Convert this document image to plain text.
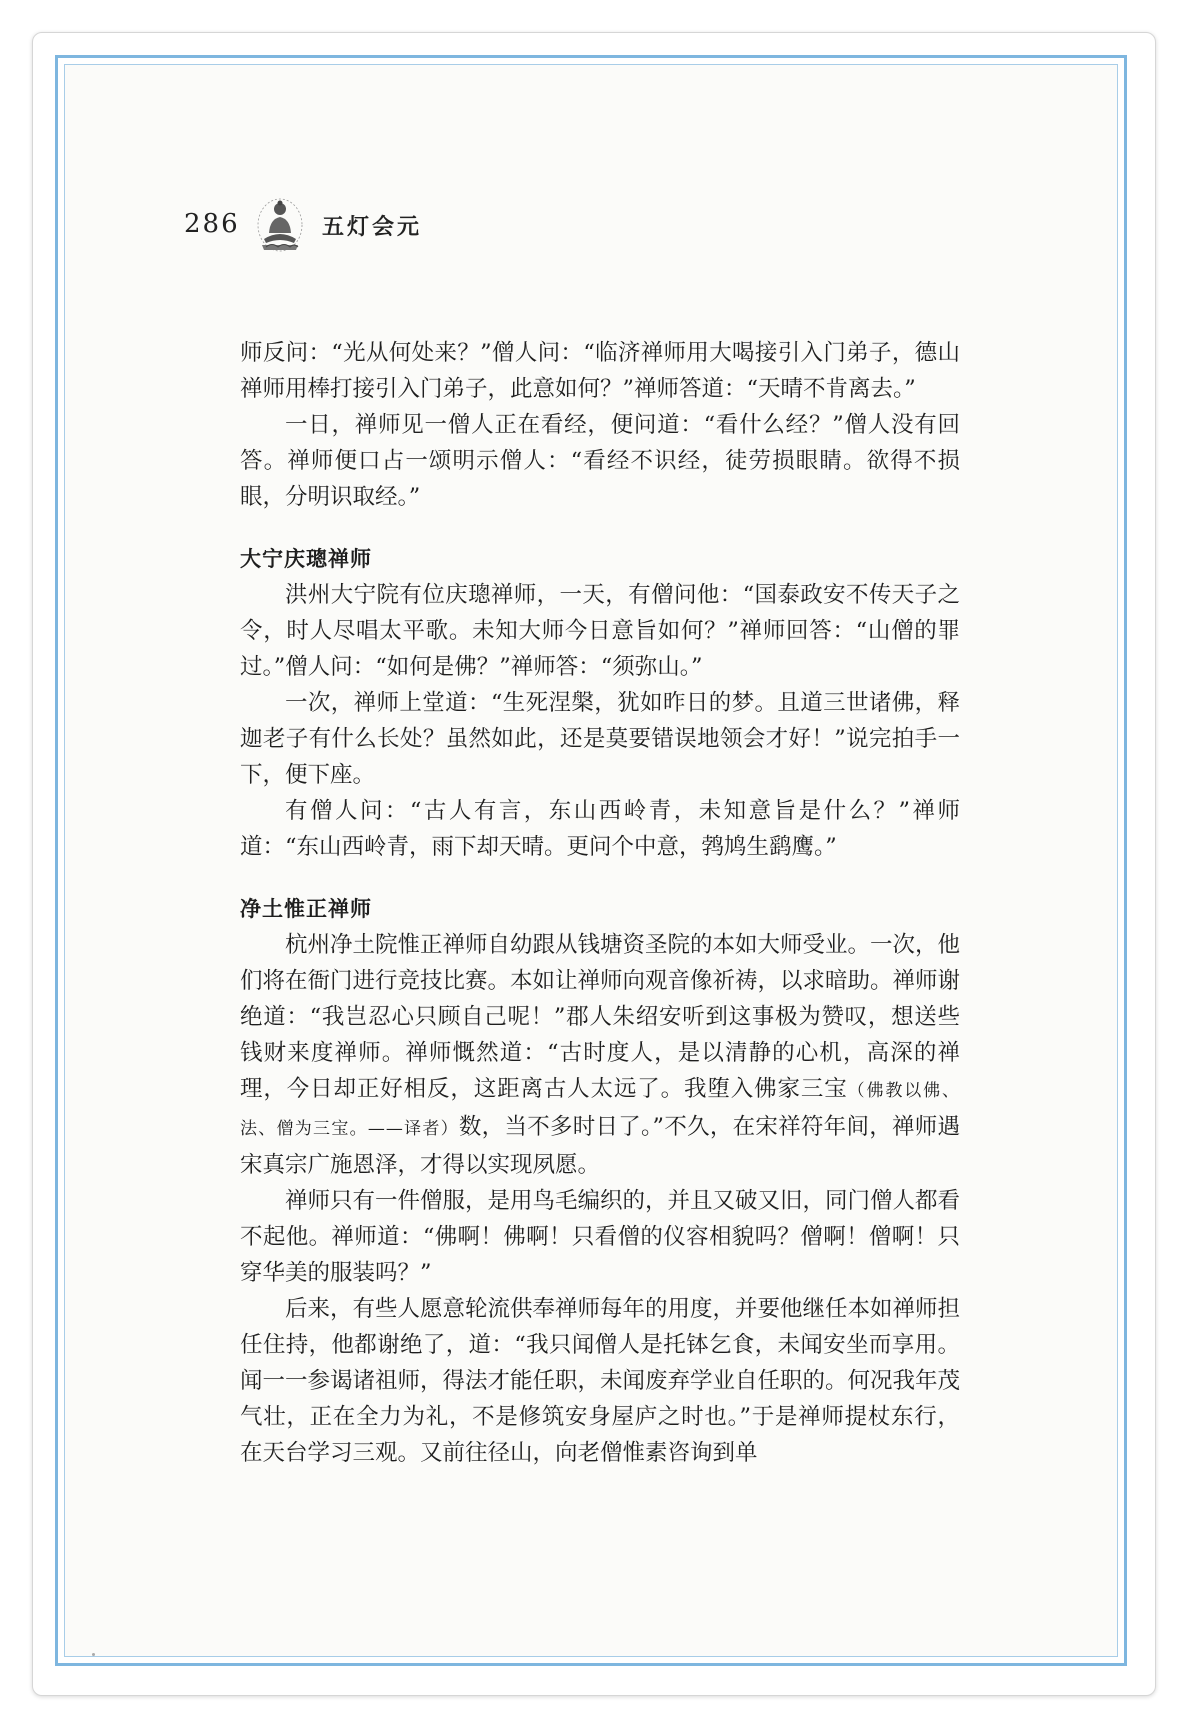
286	五灯会元

师反问：“光从何处来？”僧人问：“临济禅师用大喝接引入门弟子，德山禅师用棒打接引入门弟子，此意如何？”禅师答道：“天晴不肯离去。”

一日，禅师见一僧人正在看经，便问道：“看什么经？”僧人没有回答。禅师便口占一颂明示僧人：“看经不识经，徒劳损眼睛。欲得不损眼，分明识取经。”

大宁庆璁禅师

洪州大宁院有位庆璁禅师，一天，有僧问他：“国泰政安不传天子之令，时人尽唱太平歌。未知大师今日意旨如何？”禅师回答：“山僧的罪过。”僧人问：“如何是佛？”禅师答：“须弥山。”

一次，禅师上堂道：“生死涅槃，犹如昨日的梦。且道三世诸佛，释迦老子有什么长处？虽然如此，还是莫要错误地领会才好！”说完拍手一下，便下座。

有僧人问：“古人有言，东山西岭青，未知意旨是什么？”禅师道：“东山西岭青，雨下却天晴。更问个中意，鹁鸠生鹞鹰。”

净土惟正禅师

杭州净土院惟正禅师自幼跟从钱塘资圣院的本如大师受业。一次，他们将在衙门进行竞技比赛。本如让禅师向观音像祈祷，以求暗助。禅师谢绝道：“我岂忍心只顾自己呢！”郡人朱绍安听到这事极为赞叹，想送些钱财来度禅师。禅师慨然道：“古时度人，是以清静的心机，高深的禅理，今日却正好相反，这距离古人太远了。我堕入佛家三宝（佛教以佛、法、僧为三宝。——译者）数，当不多时日了。”不久，在宋祥符年间，禅师遇宋真宗广施恩泽，才得以实现夙愿。

禅师只有一件僧服，是用鸟毛编织的，并且又破又旧，同门僧人都看不起他。禅师道：“佛啊！佛啊！只看僧的仪容相貌吗？僧啊！僧啊！只穿华美的服装吗？”

后来，有些人愿意轮流供奉禅师每年的用度，并要他继任本如禅师担任住持，他都谢绝了，道：“我只闻僧人是托钵乞食，未闻安坐而享用。闻一一参谒诸祖师，得法才能任职，未闻废弃学业自任职的。何况我年茂气壮，正在全力为礼，不是修筑安身屋庐之时也。”于是禅师提杖东行，在天台学习三观。又前往径山，向老僧惟素咨询到单
